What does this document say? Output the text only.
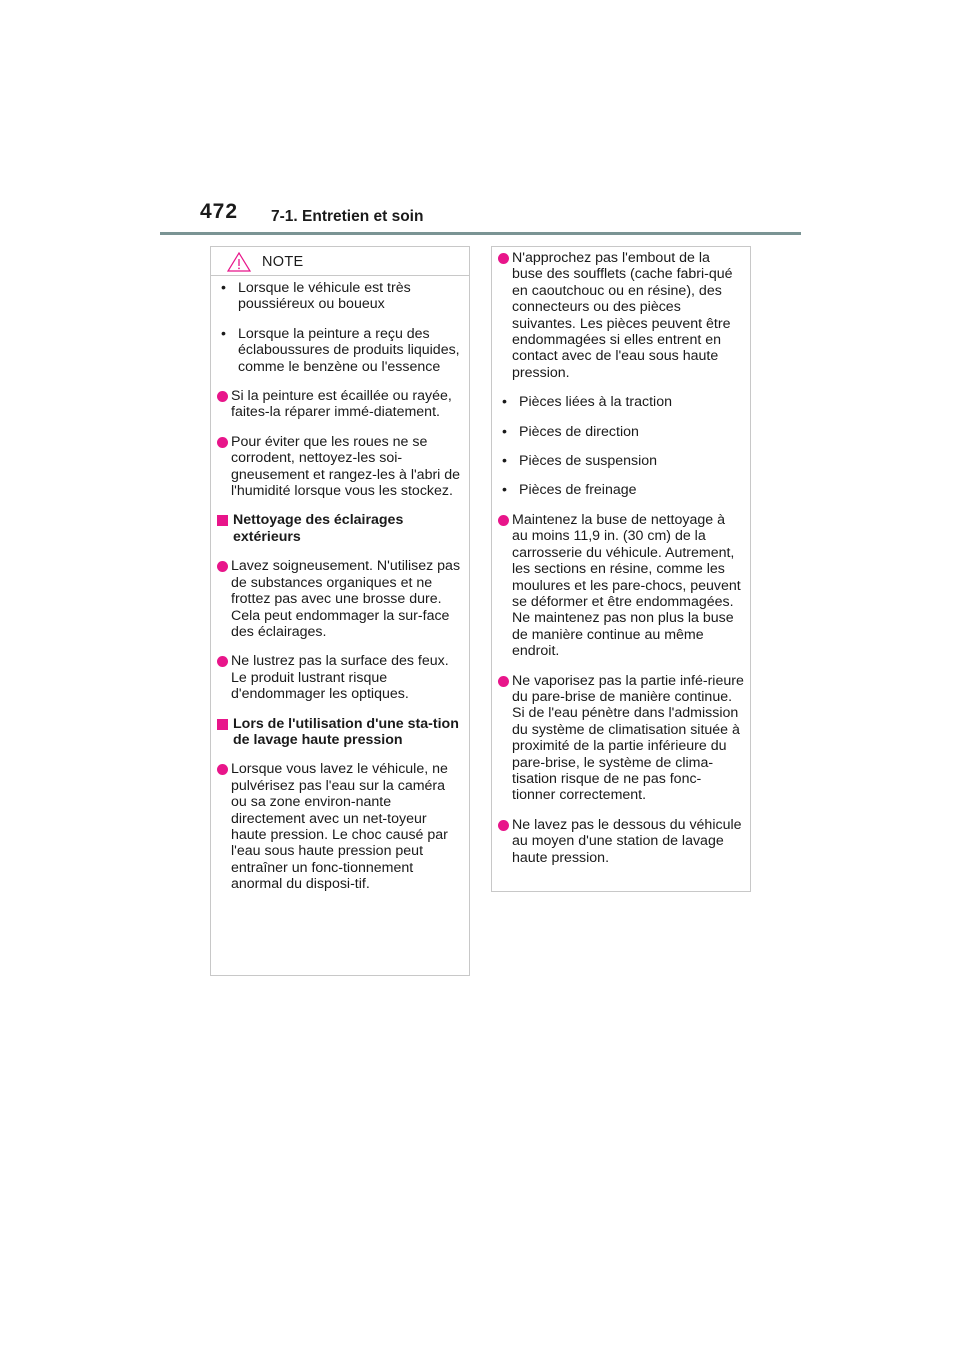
472 7-1. Entretien et soin
NOTE
• Lorsque le véhicule est très poussiéreux ou boueux

• Lorsque la peinture a reçu des éclaboussures de produits liquides, comme le benzène ou l'essence

Si la peinture est écaillée ou rayée, faites-la réparer immé-diatement.

Pour éviter que les roues ne se corrodent, nettoyez-les soi-gneusement et rangez-les à l'abri de l'humidité lorsque vous les stockez.

Nettoyage des éclairages extérieurs

Lavez soigneusement. N'utilisez pas de substances organiques et ne frottez pas avec une brosse dure.

Cela peut endommager la sur-face des éclairages.

Ne lustrez pas la surface des feux.

Le produit lustrant risque d'endommager les optiques.

Lors de l'utilisation d'une sta-tion de lavage haute pression

Lorsque vous lavez le véhicule, ne pulvérisez pas l'eau sur la caméra ou sa zone environ-nante directement avec un net-toyeur haute pression. Le choc causé par l'eau sous haute pression peut entraîner un fonc-tionnement anormal du disposi-tif.

N'approchez pas l'embout de la buse des soufflets (cache fabri-qué en caoutchouc ou en résine), des connecteurs ou des pièces suivantes. Les pièces peuvent être endommagées si elles entrent en contact avec de l'eau sous haute pression.

• Pièces liées à la traction

• Pièces de direction

• Pièces de suspension

• Pièces de freinage

Maintenez la buse de nettoyage à au moins 11,9 in. (30 cm) de la carrosserie du véhicule. Autrement, les sections en résine, comme les moulures et les pare-chocs, peuvent se déformer et être endommagées. Ne maintenez pas non plus la buse de manière continue au même endroit.

Ne vaporisez pas la partie infé-rieure du pare-brise de manière continue. Si de l'eau pénètre dans l'admission du système de climatisation située à proximité de la partie inférieure du pare-brise, le système de clima-tisation risque de ne pas fonc-tionner correctement.

Ne lavez pas le dessous du véhicule au moyen d'une station de lavage haute pression.
